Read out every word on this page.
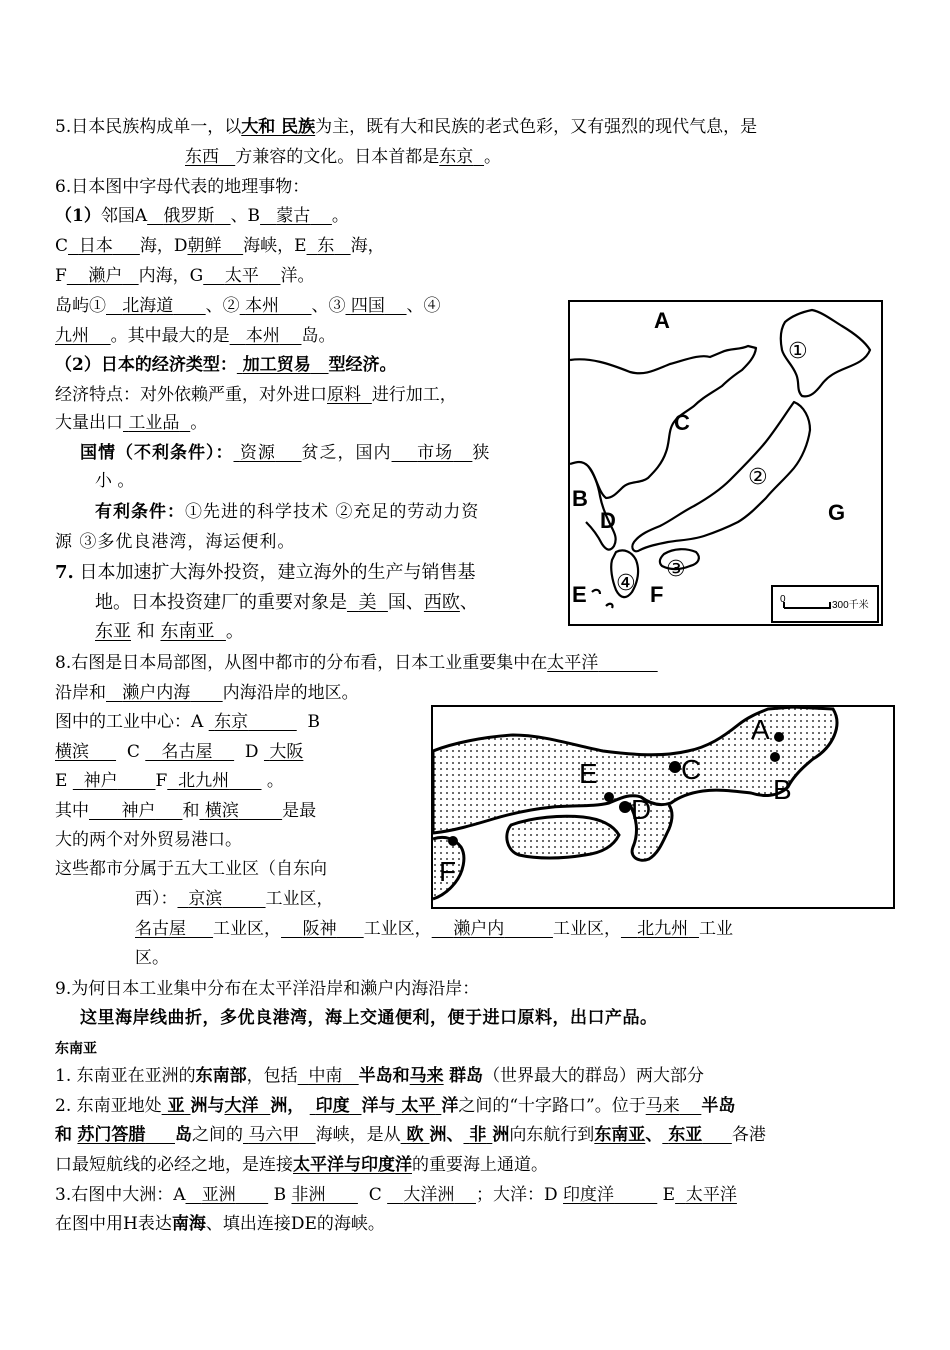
5.日本民族构成单一，以大和 民族为主，既有大和民族的老式色彩，又有强烈的现代气息，是
东西 方兼容的文化。日本首都是东京 。
6.日本图中字母代表的地理事物：
（1）邻国A 俄罗斯 、B 蒙古 。
C 日本 海，D朝鲜 海峡，E 东 海，
F 濑户 内海，G 太平 洋。
岛屿① 北海道 、② 本州 、③ 四国 、④
九州 。其中最大的是 本州 岛。
（2）日本的经济类型： 加工贸易 型经济。
经济特点：对外依赖严重，对外进口原料 进行加工，
大量出口 工业品 。
国情（不利条件）： 资源 贫乏，国内 市场 狭
小 。
有利条件：①先进的科学技术 ②充足的劳动力资
源 ③多优良港湾，海运便利。
7. 日本加速扩大海外投资，建立海外的生产与销售基
地。日本投资建厂的重要对象是 美 国、西欧、
东亚 和 东南亚 。
A
C
B
D	G
E	F
①
②
③
④
0
300千米
8.右图是日本局部图，从图中都市的分布看，日本工业重要集中在太平洋
沿岸和 濑户内海 内海沿岸的地区。
图中的工业中心：A 东京	B
横滨 C 名古屋 D 大阪
E 神户 F 北九州 。
其中 神户 和 横滨	是最
大的两个对外贸易港口。
这些都市分属于五大工业区（自东向
西）： 京滨	工业区，
名古屋 工业区， 阪神 工业区， 濑户内	工业区， 北九州 工业
区。
A
B
C
D
E
F
9.为何日本工业集中分布在太平洋沿岸和濑户内海沿岸：
这里海岸线曲折，多优良港湾，海上交通便利，便于进口原料，出口产品。
东南亚
1. 东南亚在亚洲的东南部，包括 中南 半岛和马来 群岛（世界最大的群岛）两大部分
2. 东南亚地处 亚 洲与大洋 洲， 印度 洋与 太平 洋之间的“十字路口”。位于马来 半岛
和 苏门答腊 岛之间的 马六甲 海峡，是从 欧 洲、 非 洲向东航行到东南亚、 东亚 各港
口最短航线的必经之地，是连接太平洋与印度洋的重要海上通道。
3.右图中大洲：A 亚洲 B 非洲	C 大洋洲 ；大洋：D 印度洋	E 太平洋
在图中用H表达南海、填出连接DE的海峡。
